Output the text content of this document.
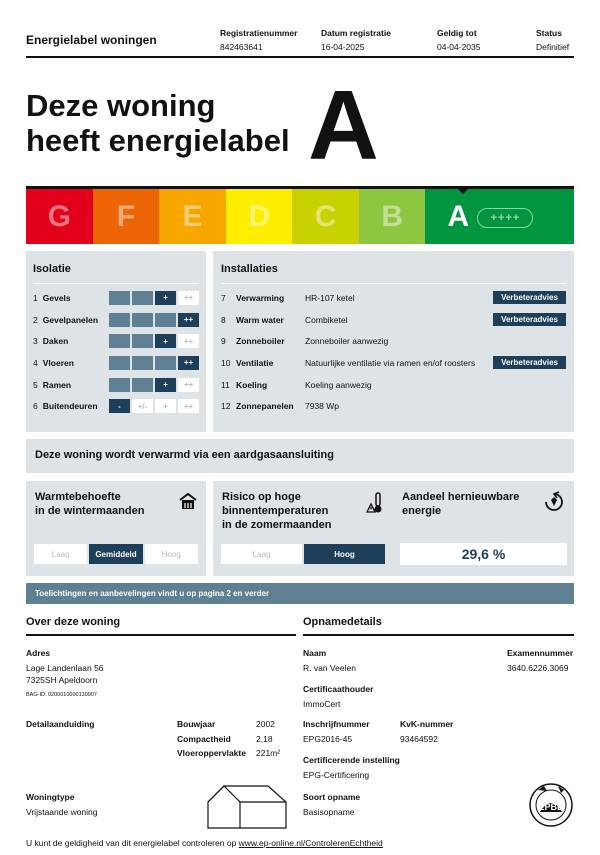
Energielabel woningen	Registratienummer
842463641
Datum registratie
16-04-2025
Geldig tot
04-04-2035
Status
Definitief
Deze woning
heeft energielabel A
G F E D C B A	++++
Isolatie
1 Gevels	+	++
2 Gevelpanelen	++
3 Daken	+	++
4 Vloeren	++
5 Ramen	+	++
6 Buitendeuren	-	+/-	+	++
Installaties
7	Verwarming	HR-107 ketel	Verbeteradvies
8	Warm water	Combiketel	Verbeteradvies
9	Zonneboiler	Zonneboiler aanwezig
10 Ventilatie	Natuurlijke ventilatie via ramen en/of roosters	Verbeteradvies
11 Koeling	Koeling aanwezig
12 Zonnepanelen	7938 Wp
Deze woning wordt verwarmd via een aardgasaansluiting
Warmtebehoefte
in de wintermaanden
Laag	Gemiddeld	Hoog
Risico op hoge
binnentemperaturen
in de zomermaanden
Laag	Hoog
Aandeel hernieuwbare
energie
29,6 %
Toelichtingen en aanbevelingen vindt u op pagina 2 en verder
Over deze woning
Adres
Lage Landenlaan 56
7325SH Apeldoorn
BAG-ID: 0200010000130907
Detailaanduiding	Bouwjaar	2002
Compactheid	2,18
Vloeroppervlakte 221m²
Woningtype
Vrijstaande woning
Opnamedetails
Naam
R. van Veelen
Examennummer
3640.6226.3069
Certificaathouder
ImmoCert
Inschrijfnummer
EPG2016-45
KvK-nummer
93464592
Certificerende instelling
EPG-Certificering
Soort opname
Basisopname	EPBD
U kunt de geldigheid van dit energielabel controleren op www.ep-online.nl/ControlerenEchtheid
